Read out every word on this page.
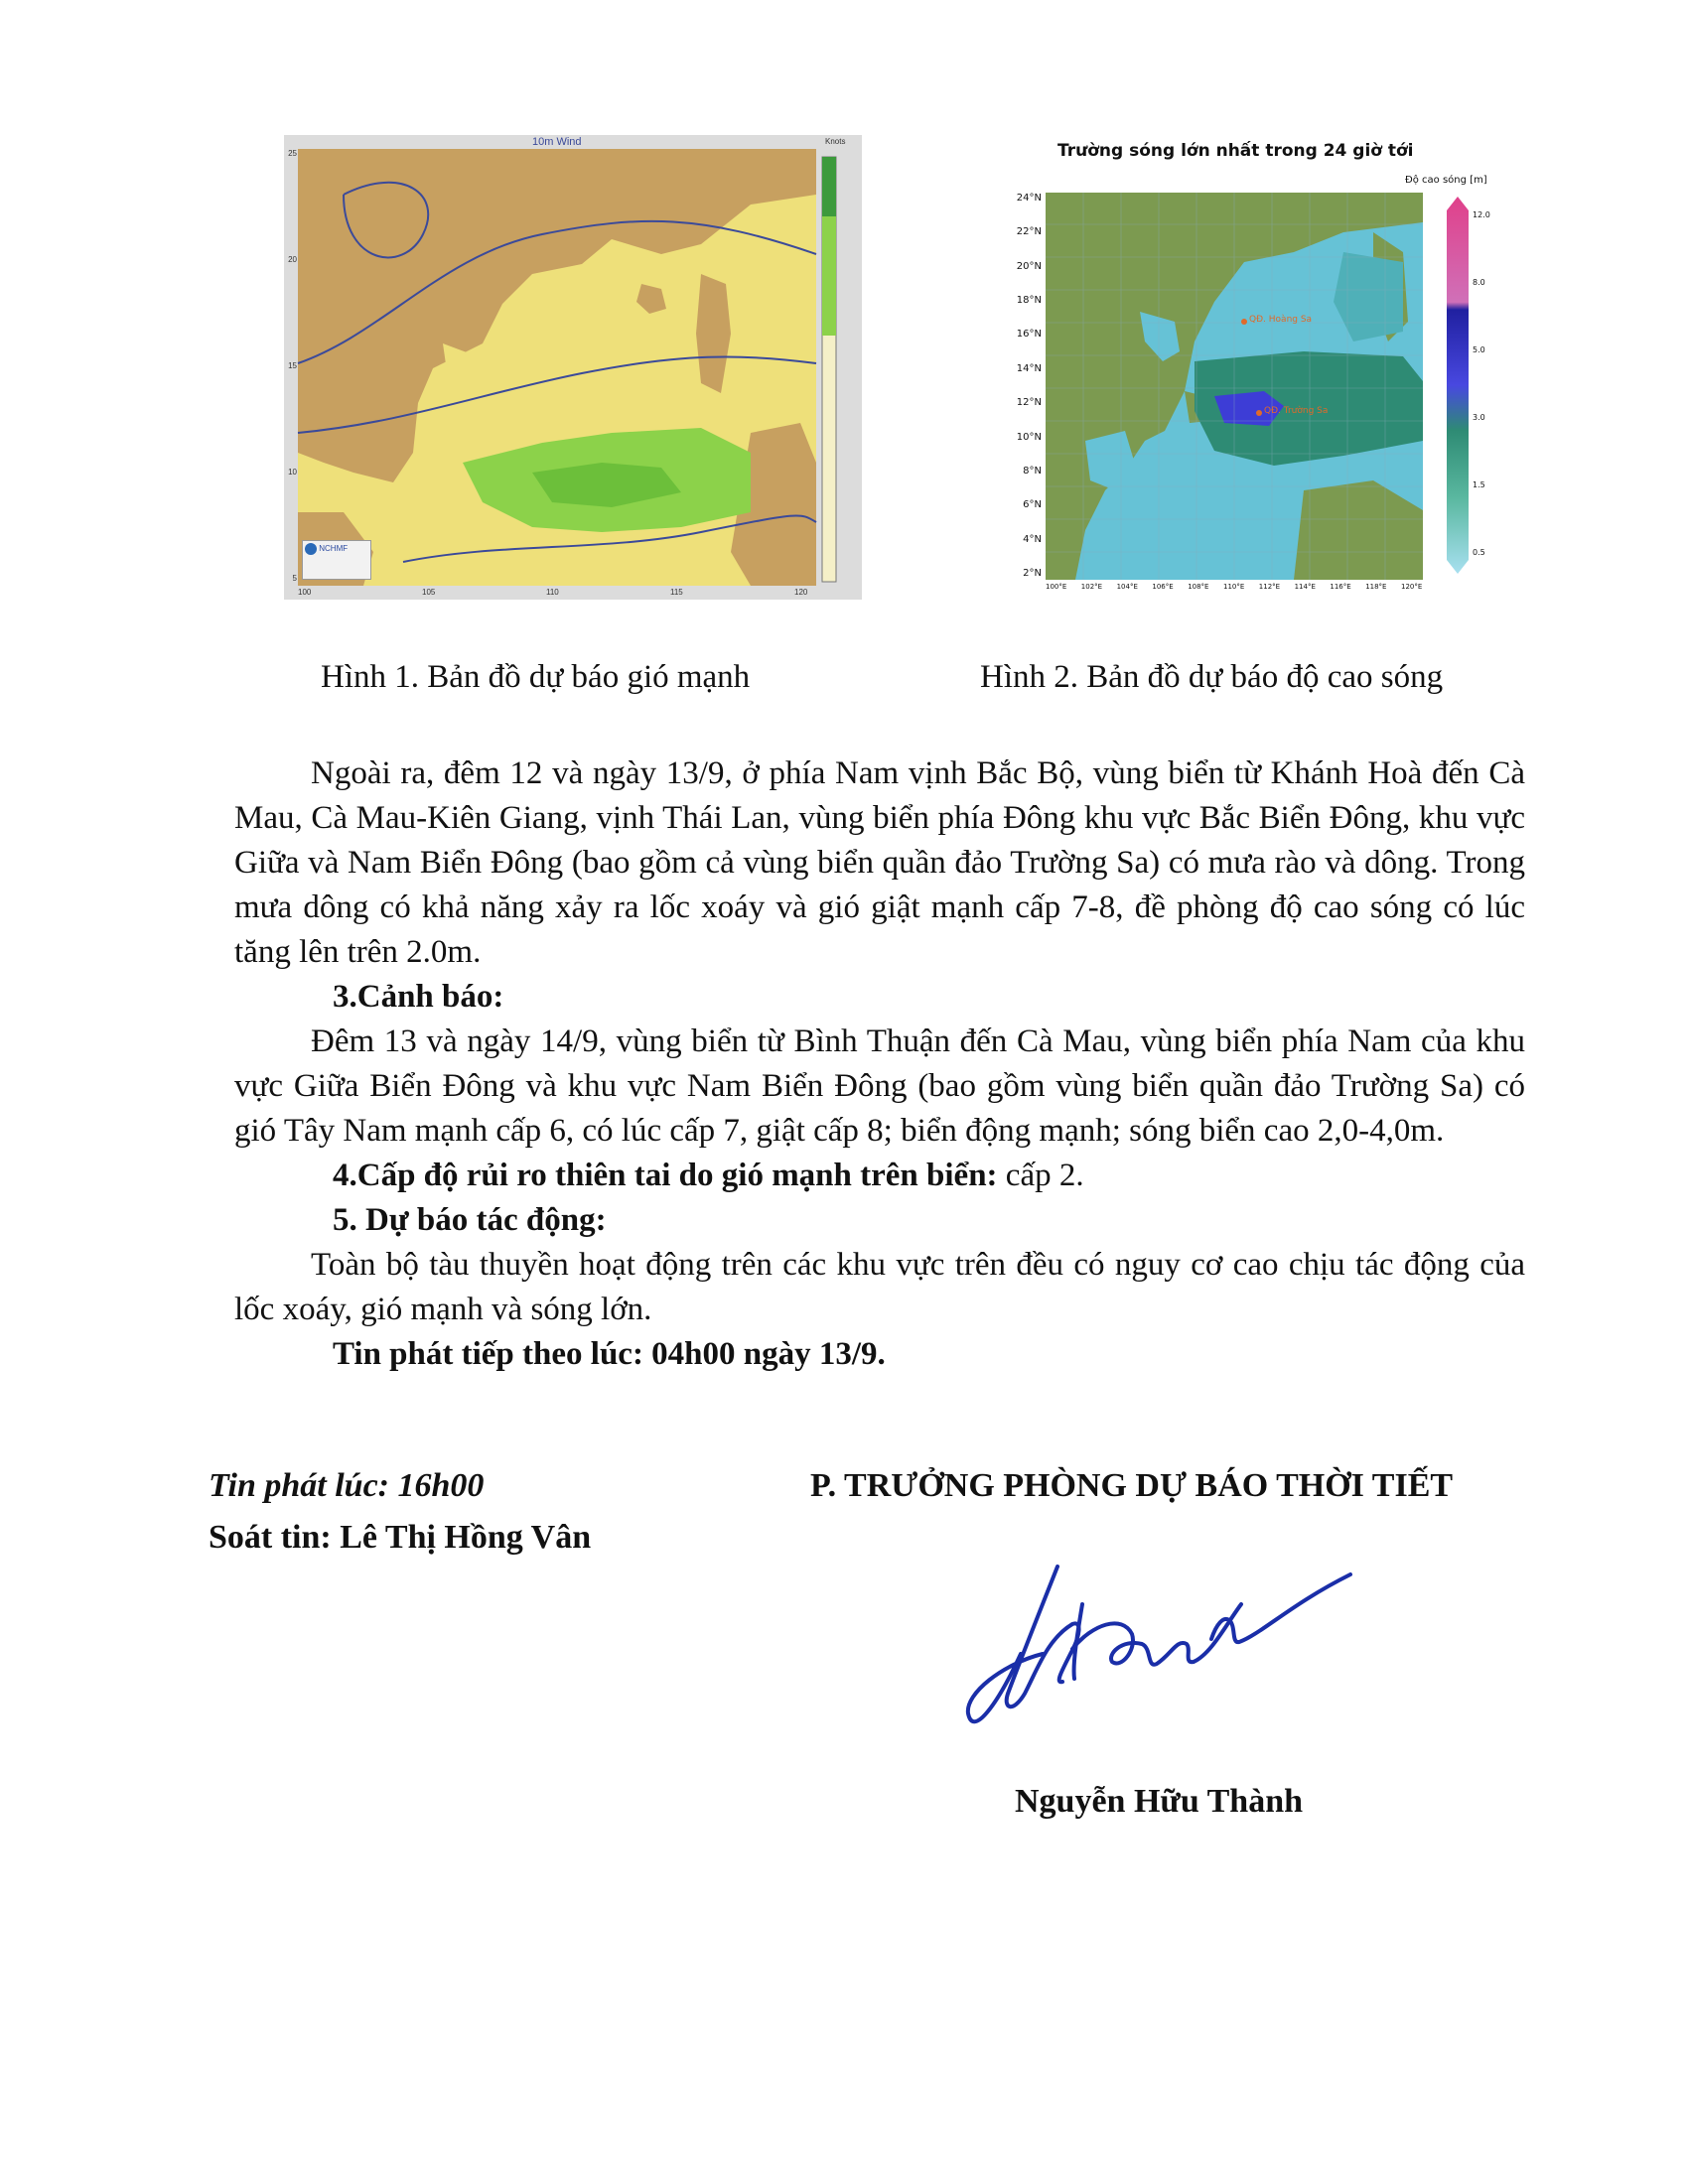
10m Wind	Knots
NCHMF
25
20
15
10
5
100	105	110	115	120
Trường sóng lớn nhất trong 24 giờ tới
Độ cao sóng [m]
QĐ. Hoàng Sa
QĐ. Trường Sa
24°N
22°N
20°N
18°N
16°N
14°N
12°N
10°N
8°N
6°N
4°N
2°N
100°E 102°E 104°E 106°E 108°E 110°E 112°E 114°E 116°E 118°E 120°E
12.0
8.0
5.0
3.0
1.5
0.5
Hình 1. Bản đồ dự báo gió mạnh	Hình 2. Bản đồ dự báo độ cao sóng

Ngoài ra, đêm 12 và ngày 13/9, ở phía Nam vịnh Bắc Bộ, vùng biển từ Khánh Hoà đến Cà Mau, Cà Mau-Kiên Giang, vịnh Thái Lan, vùng biển phía Đông khu vực Bắc Biển Đông, khu vực Giữa và Nam Biển Đông (bao gồm cả vùng biển quần đảo Trường Sa) có mưa rào và dông. Trong mưa dông có khả năng xảy ra lốc xoáy và gió giật mạnh cấp 7-8, đề phòng độ cao sóng có lúc tăng lên trên 2.0m.

3.Cảnh báo:

Đêm 13 và ngày 14/9, vùng biển từ Bình Thuận đến Cà Mau, vùng biển phía Nam của khu vực Giữa Biển Đông và khu vực Nam Biển Đông (bao gồm vùng biển quần đảo Trường Sa) có gió Tây Nam mạnh cấp 6, có lúc cấp 7, giật cấp 8; biển động mạnh; sóng biển cao 2,0-4,0m.

4.Cấp độ rủi ro thiên tai do gió mạnh trên biển: cấp 2.

5. Dự báo tác động:

Toàn bộ tàu thuyền hoạt động trên các khu vực trên đều có nguy cơ cao chịu tác động của lốc xoáy, gió mạnh và sóng lớn.

Tin phát tiếp theo lúc: 04h00 ngày 13/9.

Tin phát lúc: 16h00
Soát tin: Lê Thị Hồng Vân
P. TRƯỞNG PHÒNG DỰ BÁO THỜI TIẾT
Nguyễn Hữu Thành
